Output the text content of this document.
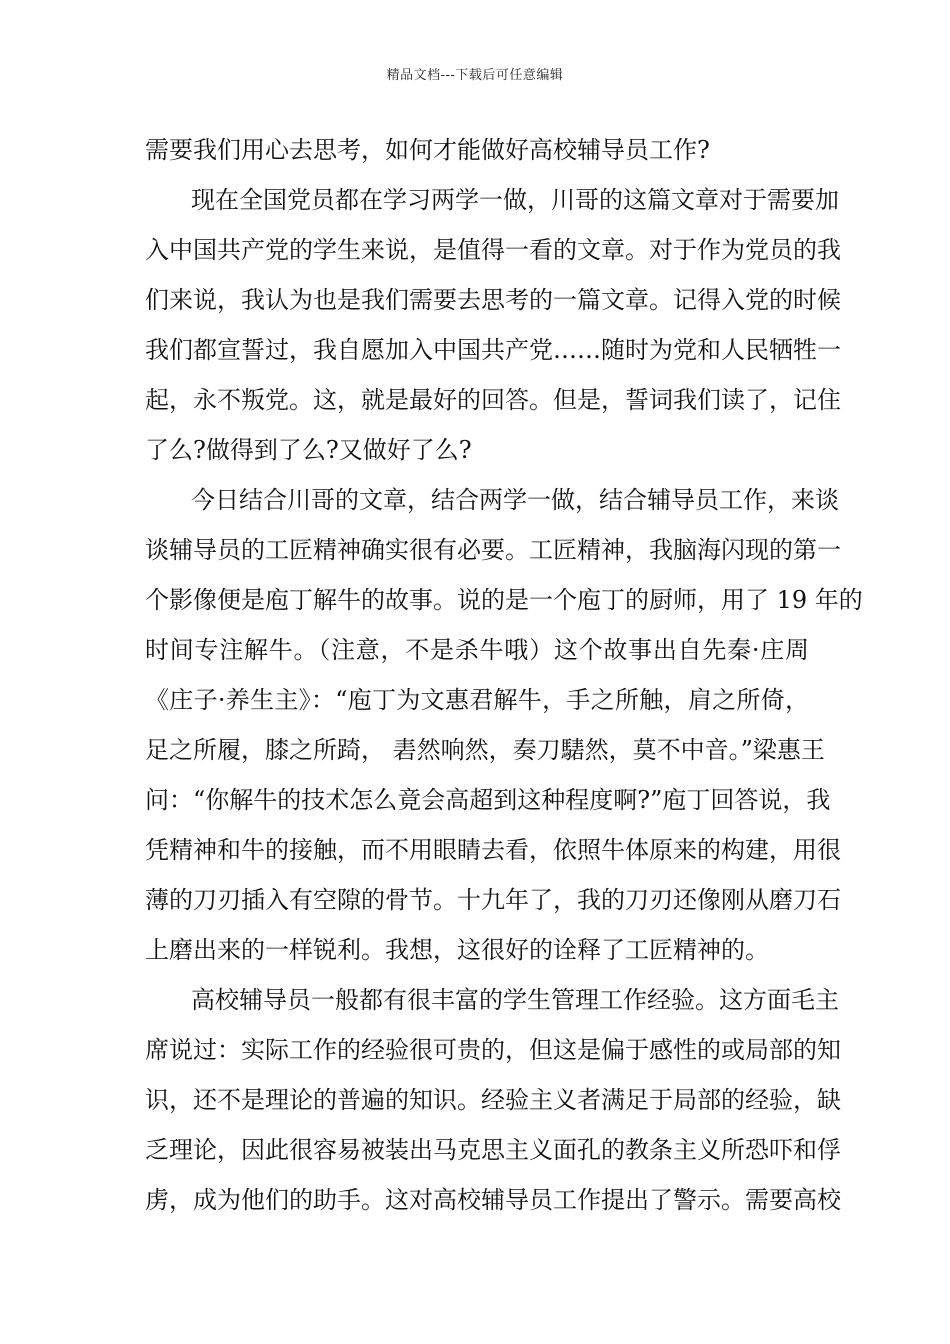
精品文档---下载后可任意编辑
需要我们用心去思考，如何才能做好高校辅导员工作?
现在全国党员都在学习两学一做，川哥的这篇文章对于需要加
入中国共产党的学生来说，是值得一看的文章。对于作为党员的我
们来说，我认为也是我们需要去思考的一篇文章。记得入党的时候
我们都宣誓过，我自愿加入中国共产党……随时为党和人民牺牲一
起，永不叛党。这，就是最好的回答。但是，誓词我们读了，记住
了么?做得到了么?又做好了么?
今日结合川哥的文章，结合两学一做，结合辅导员工作，来谈
谈辅导员的工匠精神确实很有必要。工匠精神，我脑海闪现的第一
个影像便是庖丁解牛的故事。说的是一个庖丁的厨师，用了 19 年的
时间专注解牛。（注意，不是杀牛哦）这个故事出自先秦·庄周
《庄子·养生主》：“庖丁为文惠君解牛，手之所触，肩之所倚，
足之所履，膝之所踦， 砉然响然，奏刀騞然，莫不中音。”梁惠王
问：“你解牛的技术怎么竟会高超到这种程度啊?”庖丁回答说，我
凭精神和牛的接触，而不用眼睛去看，依照牛体原来的构建，用很
薄的刀刃插入有空隙的骨节。十九年了，我的刀刃还像刚从磨刀石
上磨出来的一样锐利。我想，这很好的诠释了工匠精神的。
高校辅导员一般都有很丰富的学生管理工作经验。这方面毛主
席说过：实际工作的经验很可贵的，但这是偏于感性的或局部的知
识，还不是理论的普遍的知识。经验主义者满足于局部的经验，缺
乏理论，因此很容易被装出马克思主义面孔的教条主义所恐吓和俘
虏，成为他们的助手。这对高校辅导员工作提出了警示。需要高校
